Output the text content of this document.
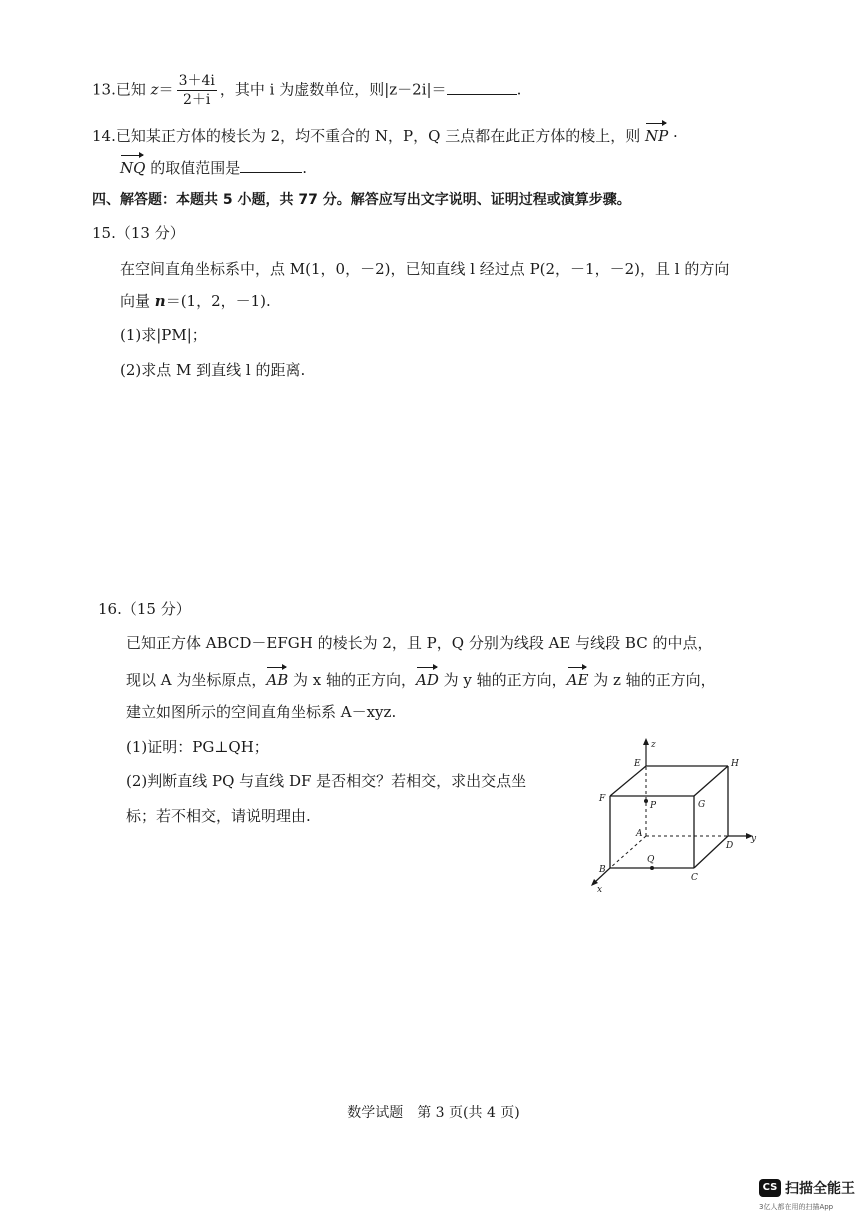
13.已知 $z= \frac{3+4i}{2+i}$ ，其中 i 为虚数单位，则|z－2i|＝	.
14.已知某正方体的棱长为 2，均不重合的 N，P，Q 三点都在此正方体的棱上，则 NP ·
NQ 的取值范围是	.
四、解答题：本题共 5 小题，共 77 分。解答应写出文字说明、证明过程或演算步骤。
15.（13 分）
在空间直角坐标系中，点 M(1，0，－2)，已知直线 l 经过点 P(2，－1，－2)，且 l 的方向
向量 n＝(1，2，－1).
(1)求|PM|；
(2)求点 M 到直线 l 的距离.
16.（15 分）
已知正方体 ABCD－EFGH 的棱长为 2，且 P，Q 分别为线段 AE 与线段 BC 的中点，
现以 A 为坐标原点，AB 为 x 轴的正方向，AD 为 y 轴的正方向，AE 为 z 轴的正方向，
建立如图所示的空间直角坐标系 A－xyz.
(1)证明：PG⊥QH；
(2)判断直线 PQ 与直线 DF 是否相交？若相交，求出交点坐
标；若不相交，请说明理由.
z
y
x
E	H
F
G
A
B
C
D
P
Q
数学试题　第 3 页(共 4 页)
CS 扫描全能王
3亿人都在用的扫描App
